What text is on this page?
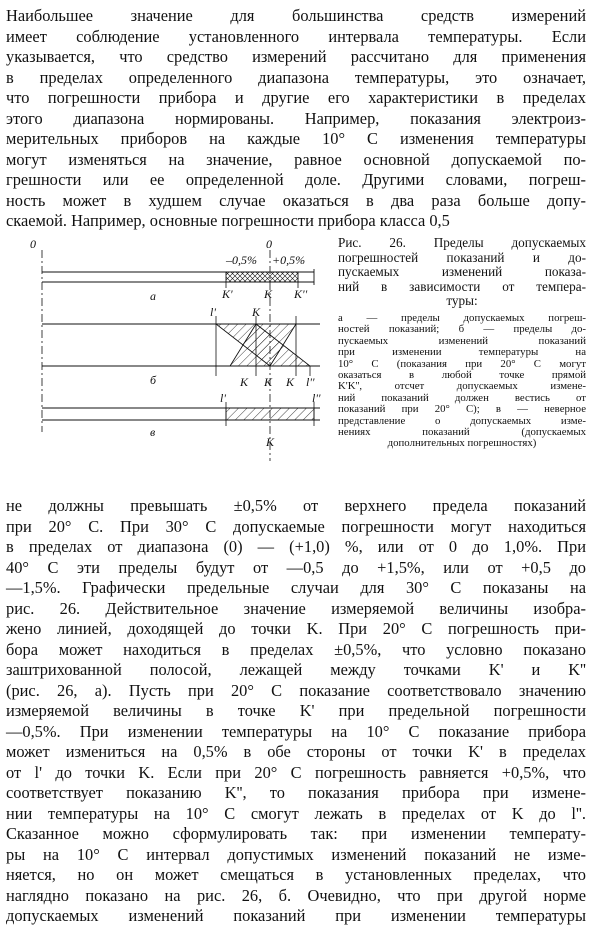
Наибольшее значение для большинства средств измерений
имеет соблюдение установленного интервала температуры. Если
указывается, что средство измерений рассчитано для применения
в пределах определенного диапазона температуры, это означает,
что погрешности прибора и другие его характеристики в пределах
этого диапазона нормированы. Например, показания электроиз-
мерительных приборов на каждые 10° С изменения температуры
могут изменяться на значение, равное основной допускаемой по-
грешности или ее определенной доле. Другими словами, погреш-
ность может в худшем случае оказаться в два раза больше допу-
скаемой. Например, основные погрешности прибора класса 0,5
0	0
–0,5% +0,5%
а	K'	K K''
l'	K
б	K K K l''
l'	l''
в
K
Рис. 26. Пределы допускаемых
погрешностей показаний и до-
пускаемых изменений показа-
ний в зависимости от темпера-
туры:
а — пределы допускаемых погреш-
ностей показаний; б — пределы до-
пускаемых изменений показаний
при изменении температуры на
10° С (показания при 20° С могут
оказаться в любой точке прямой
K'K'', отсчет допускаемых измене-
ний показаний должен вестись от
показаний при 20° С); в — неверное
представление о допускаемых изме-
нениях показаний (допускаемых
дополнительных погрешностях)
не должны превышать ±0,5% от верхнего предела показаний
при 20° С. При 30° С допускаемые погрешности могут находиться
в пределах от диапазона (0) — (+1,0) %, или от 0 до 1,0%. При
40° С эти пределы будут от —0,5 до +1,5%, или от +0,5 до
—1,5%. Графически предельные случаи для 30° С показаны на
рис. 26. Действительное значение измеряемой величины изобра-
жено линией, доходящей до точки K. При 20° С погрешность при-
бора может находиться в пределах ±0,5%, что условно показано
заштрихованной полосой, лежащей между точками K' и K''
(рис. 26, а). Пусть при 20° С показание соответствовало значению
измеряемой величины в точке K' при предельной погрешности
—0,5%. При изменении температуры на 10° С показание прибора
может измениться на 0,5% в обе стороны от точки K' в пределах
от l' до точки K. Если при 20° С погрешность равняется +0,5%, что
соответствует показанию K'', то показания прибора при измене-
нии температуры на 10° С смогут лежать в пределах от K до l''.
Сказанное можно сформулировать так: при изменении температу-
ры на 10° С интервал допустимых изменений показаний не изме-
няется, но он может смещаться в установленных пределах, что
наглядно показано на рис. 26, б. Очевидно, что при другой норме
допускаемых изменений показаний при изменении температуры
